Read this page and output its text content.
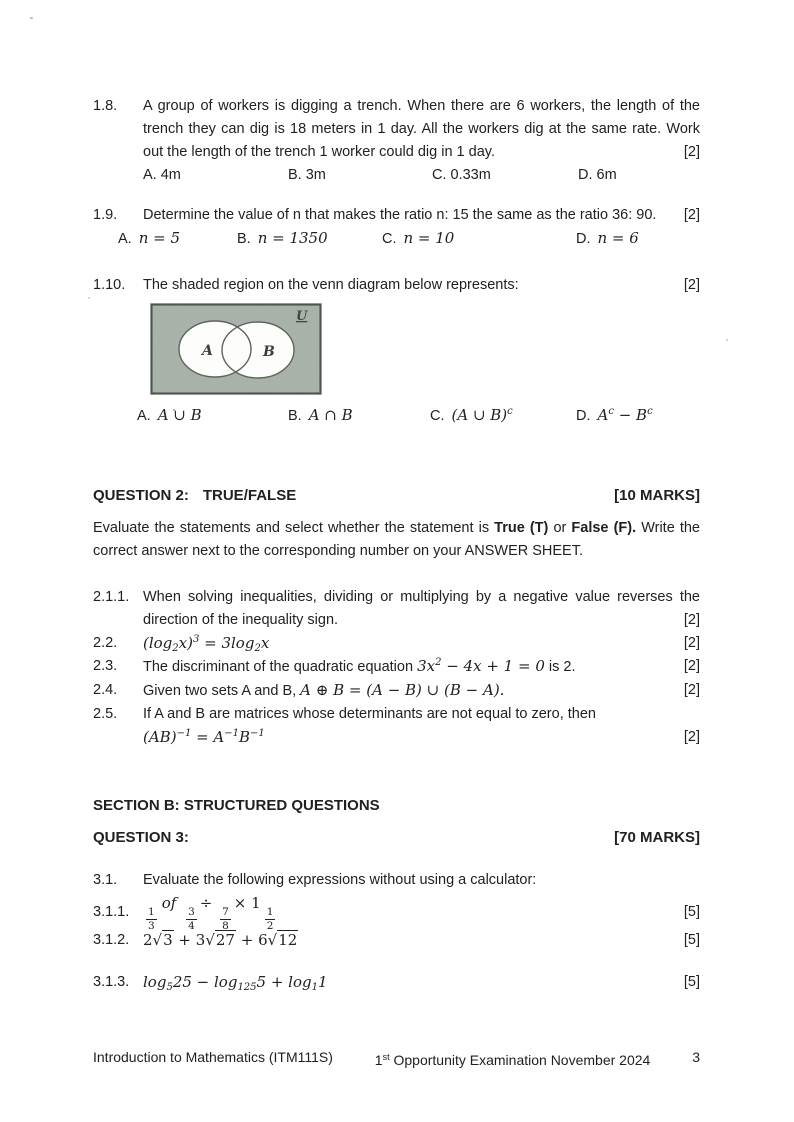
1.8.	A group of workers is digging a trench. When there are 6 workers, the length of the
trench they can dig is 18 meters in 1 day. All the workers dig at the same rate. Work
out the length of the trench 1 worker could dig in 1 day.	[2]
A. 4m	B. 3m	C. 0.33m	D. 6m
1.9.	Determine the value of n that makes the ratio n: 15 the same as the ratio 36: 90.	[2]
A. n = 5	B. n = 1350	C. n = 10	D. n = 6
1.10.	The shaded region on the venn diagram below represents:	[2]
A	B
U
A. A ∪ B	B. A ∩ B	C. (A ∪ B)$^c$	D. $A^c - B^c$
QUESTION 2: TRUE/FALSE	[10 MARKS]
Evaluate the statements and select whether the statement is True (T) or False (F). Write the
correct answer next to the corresponding number on your ANSWER SHEET.
2.1.1. When solving inequalities, dividing or multiplying by a negative value reverses the
direction of the inequality sign.	[2]
2.2.	$(\log_2x)^3 = 3\log_2x$	[2]
2.3.	The discriminant of the quadratic equation $3x^2 - 4x + 1 = 0$ is 2.	[2]
2.4.	Given two sets A and B, A ⊕ B = (A − B) ∪ (B − A).	[2]
2.5.	If A and B are matrices whose determinants are not equal to zero, then
$(AB)^{-1} = A^{-1}B^{-1}$	[2]
SECTION B: STRUCTURED QUESTIONS
QUESTION 3:	[70 MARKS]
3.1.	Evaluate the following expressions without using a calculator:
3.1.1.	$\frac{1}{3}$
of
$\frac{3}{4}$
÷
$\frac{7}{8}$
× 1
$\frac{1}{2}$	[5]
3.1.2. 2 √ 3 + 3 √ 27 + 6 √ 12	[5]
3.1.3. $\log_525 - \log_{125}5 + \log_11$	[5]
Introduction to Mathematics (ITM111S)	1st Opportunity Examination November 2024	3
